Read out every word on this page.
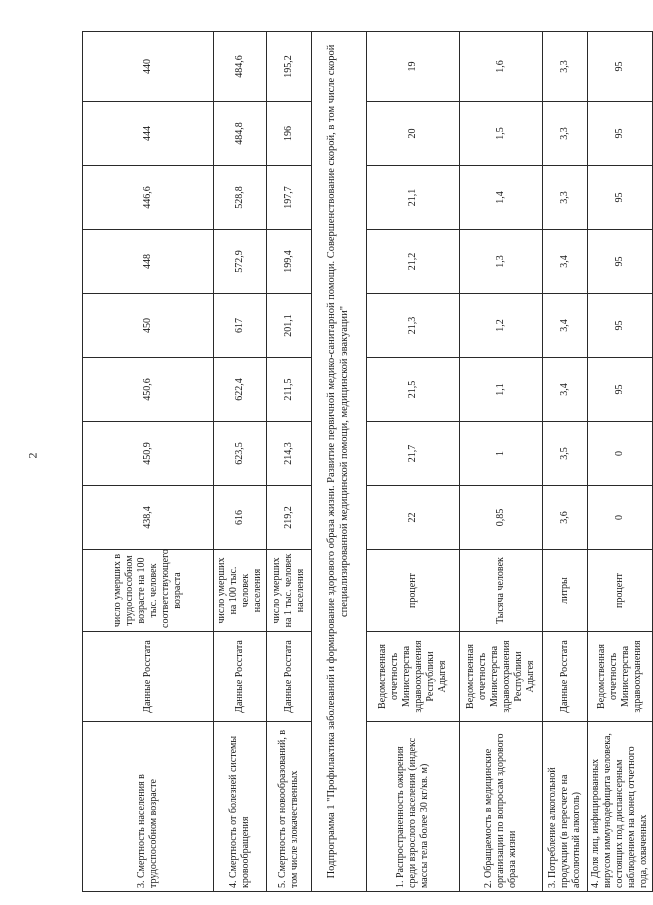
2
3. Смертность населения в трудоспособном возрасте	Данные Росстата	число умерших в трудоспособном возрасте на 100 тыс. человек соответствующего возраста	438,4	450,9	450,6	450	448	446,6	444	440
4. Смертность от болезней системы кровообращения	Данные Росстата	число умерших на 100 тыс. человек населения	616	623,5	622,4	617	572,9	528,8	484,8	484,6
5. Смертность от новообразований, в том числе злокачественных	Данные Росстата	число умерших на 1 тыс. человек населения	219,2	214,3	211,5	201,1	199,4	197,7	196	195,2
Подпрограмма 1 "Профилактика заболеваний и формирование здорового образа жизни. Развитие первичной медико-санитарной помощи. Совершенствование скорой, в том числе скорой специализированной медицинской помощи, медицинской эвакуации"										
1. Распространенность ожирения среди взрослого населения (индекс массы тела более 30 кг/кв. м)	Ведомственная отчетность Министерства здравоохранения Республики Адыгея	процент	22	21,7	21,5	21,3	21,2	21,1	20	19
2. Обращаемость в медицинские организации по вопросам здорового образа жизни	Ведомственная отчетность Министерства здравоохранения Республики Адыгея	Тысяча человек	0,85	1	1,1	1,2	1,3	1,4	1,5	1,6
3. Потребление алкогольной продукции (в пересчете на абсолютный алкоголь)	Данные Росстата	литры	3,6	3,5	3,4	3,4	3,4	3,3	3,3	3,3
4. Доля лиц, инфицированных вирусом иммунодефицита человека, состоящих под диспансерным наблюдением на конец отчетного года, охваченных	Ведомственная отчетность Министерства здравоохранения	процент	0	0	95	95	95	95	95	95
